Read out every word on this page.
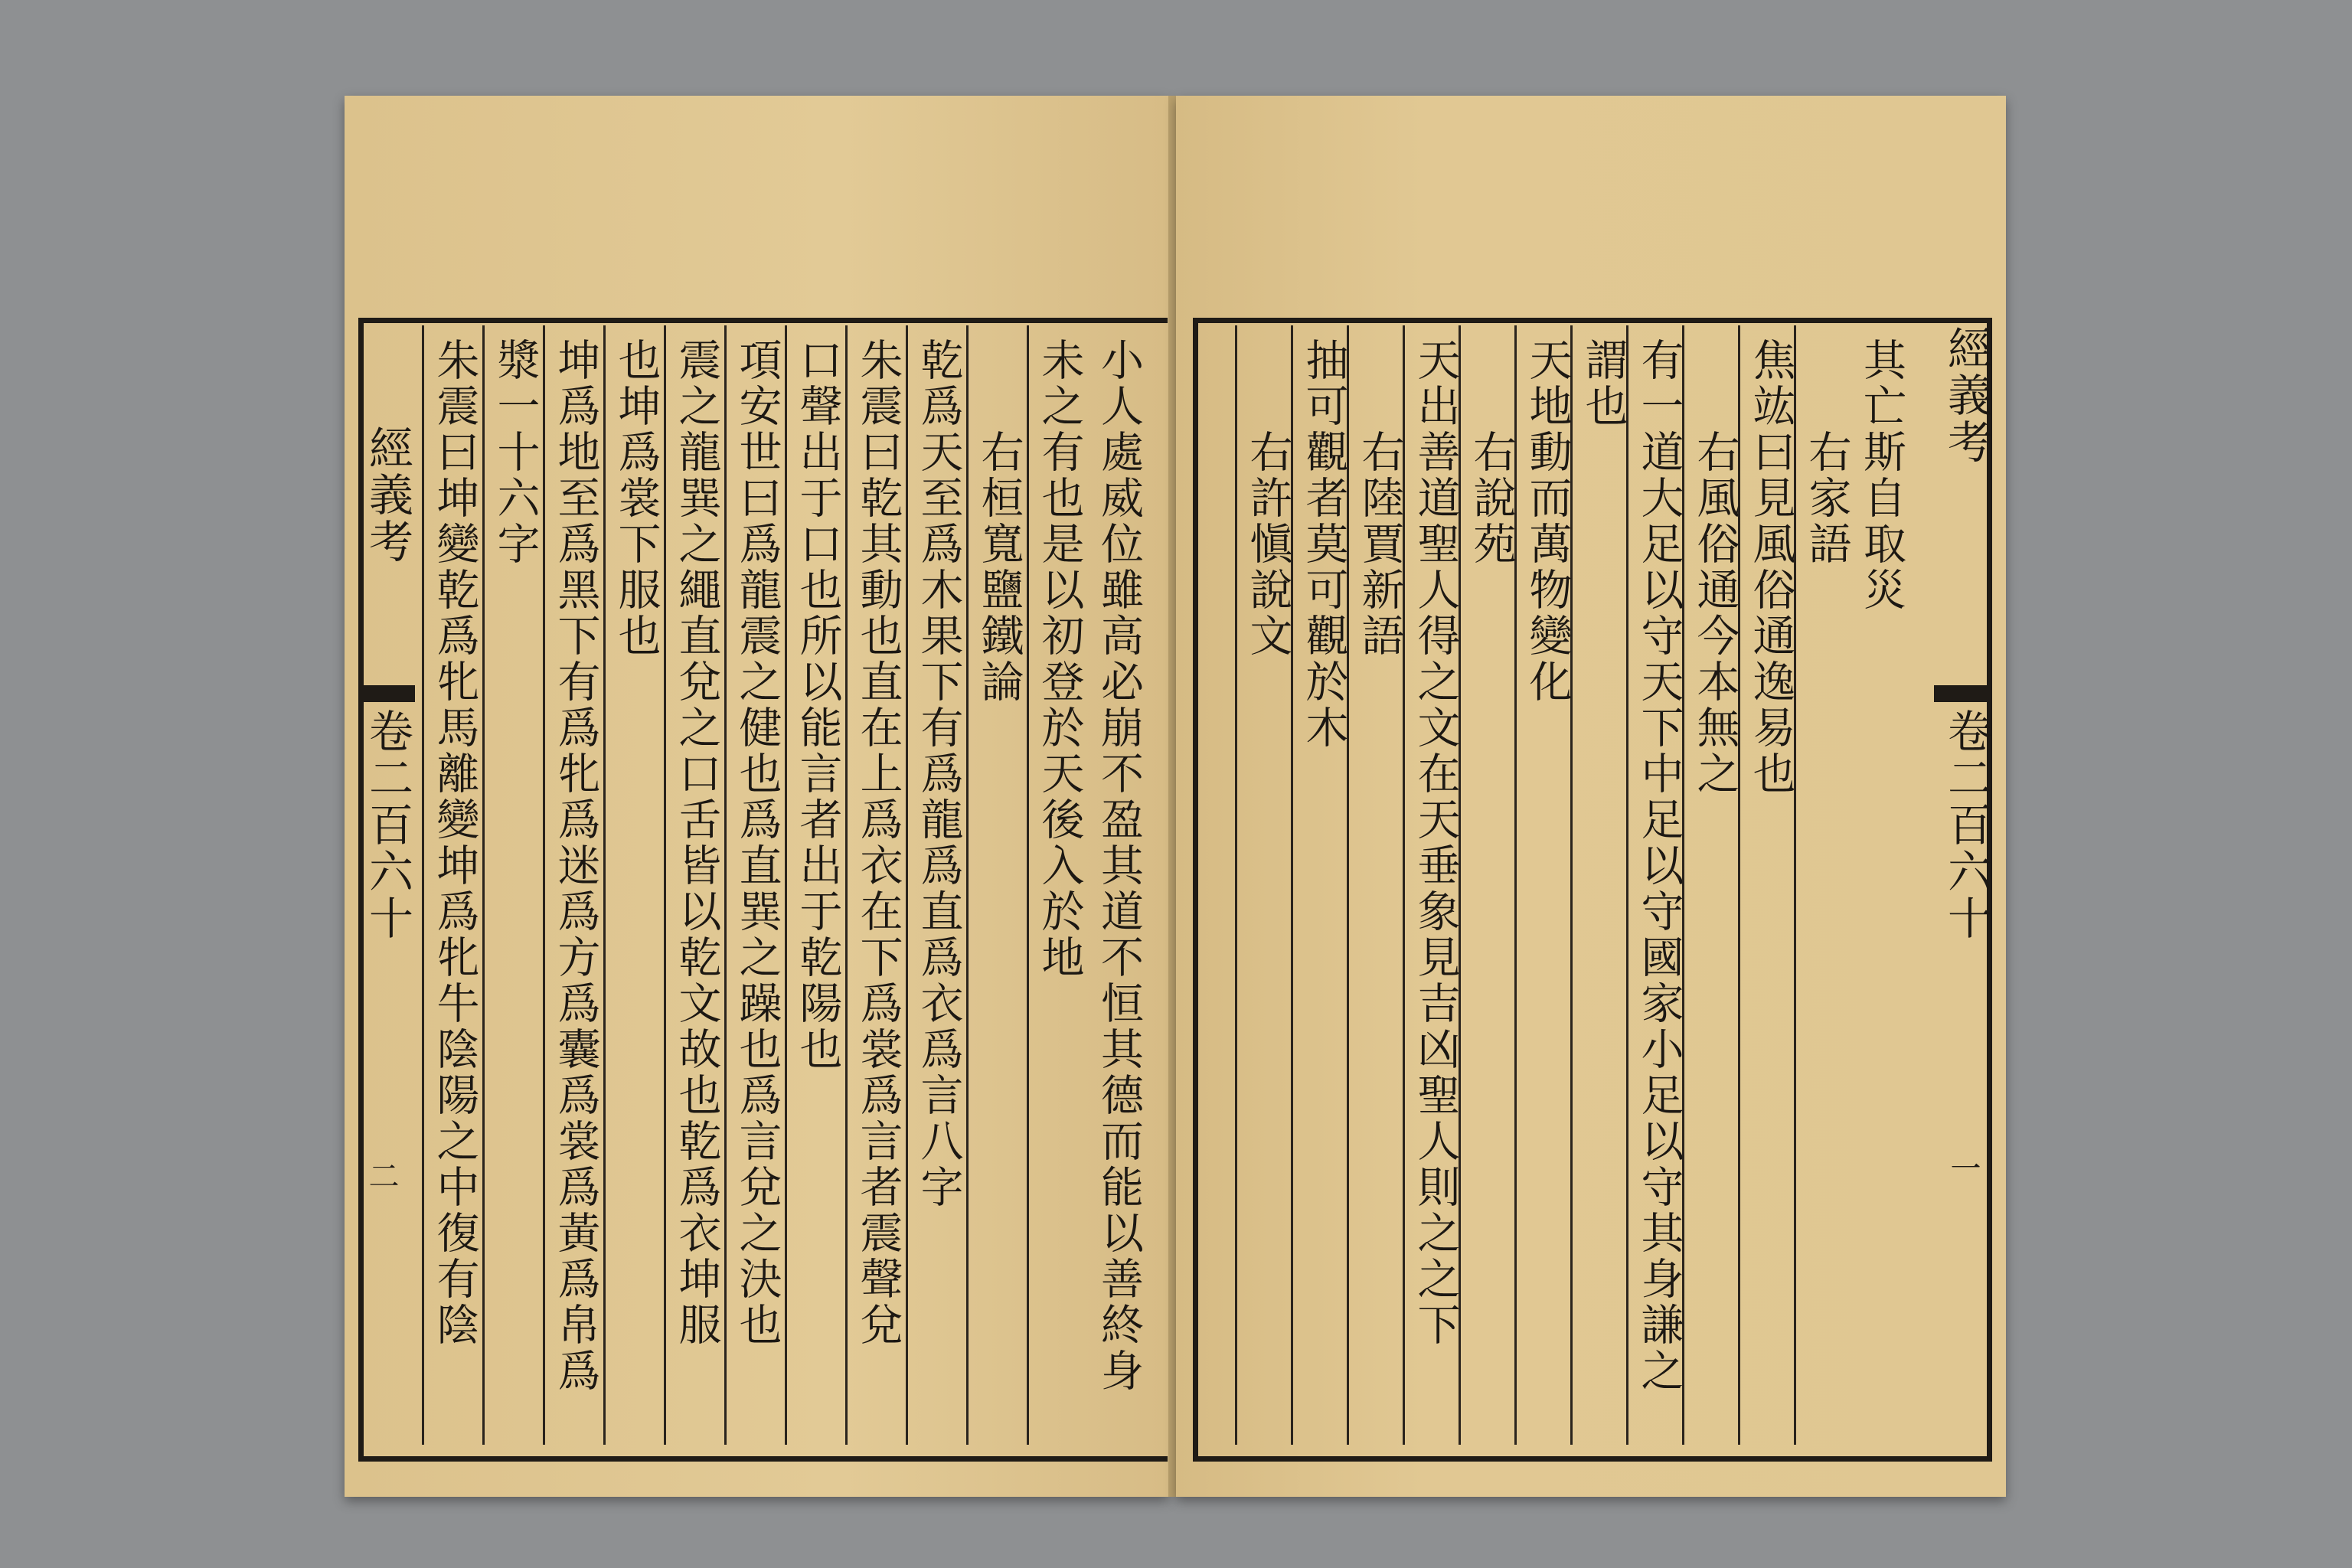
小人處威位雖高必崩不盈其道不恒其德而能以善終身
未之有也是以初登於天後入於地
右桓寬鹽鐵論
乾爲天至爲木果下有爲龍爲直爲衣爲言八字
朱震曰乾其動也直在上爲衣在下爲裳爲言者震聲兌
口聲出于口也所以能言者出于乾陽也
項安世曰爲龍震之健也爲直巽之躁也爲言兌之決也
震之龍巽之繩直兌之口舌皆以乾文故也乾爲衣坤服
也坤爲裳下服也
坤爲地至爲黑下有爲牝爲迷爲方爲囊爲裳爲黃爲帛爲
漿一十六字
朱震曰坤變乾爲牝馬離變坤爲牝牛陰陽之中復有陰
經義考
卷二百六十
二
其亡斯自取災
右家語
焦竑曰見風俗通逸易也
右風俗通今本無之
有一道大足以守天下中足以守國家小足以守其身謙之
謂也
天地動而萬物變化
右說苑
天出善道聖人得之文在天垂象見吉凶聖人則之之下
右陸賈新語
抽可觀者莫可觀於木
右許愼說文
經義考
卷二百六十
一
